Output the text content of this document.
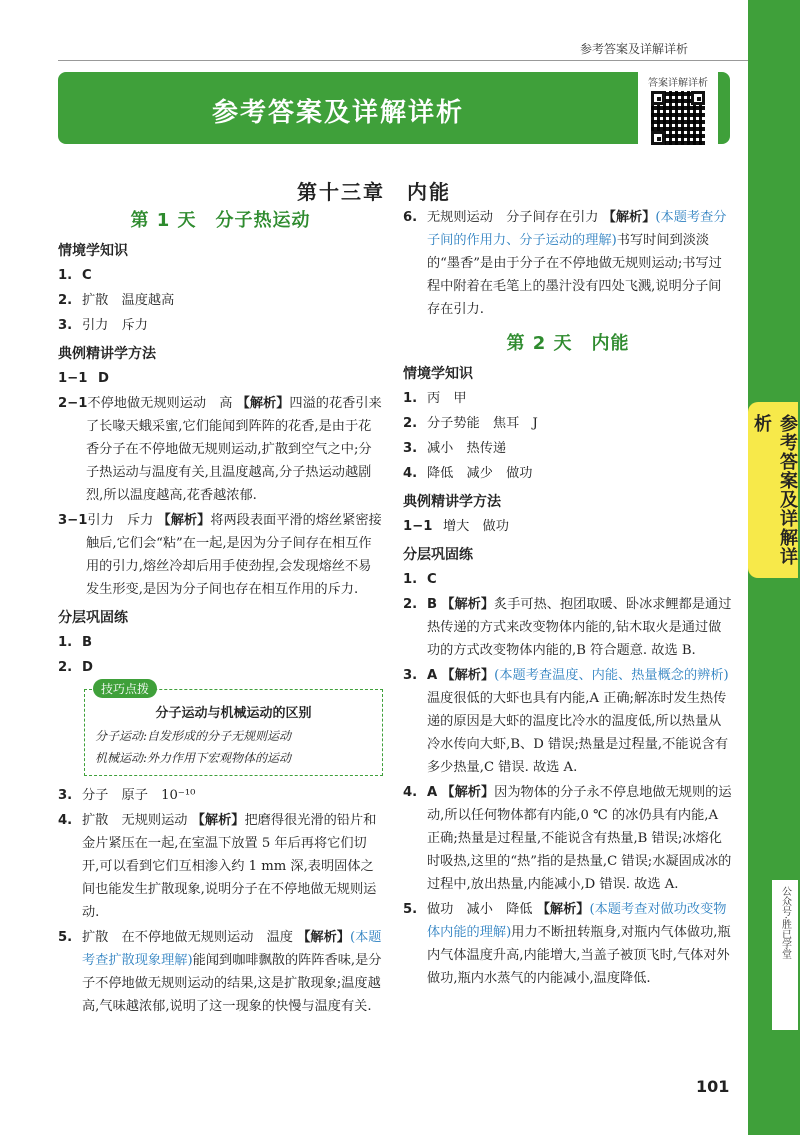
参考答案及详解详析
参考答案及详解详析
答案详解详析
第十三章　内能
第 1 天　分子热运动
情境学知识
1. C
2. 扩散　温度越高
3. 引力　斥力
典例精讲学方法
1−1 D
2−1不停地做无规则运动　高 【解析】四溢的花香引来了长喙天蛾采蜜,它们能闻到阵阵的花香,是由于花香分子在不停地做无规则运动,扩散到空气之中;分子热运动与温度有关,且温度越高,分子热运动越剧烈,所以温度越高,花香越浓郁.
3−1引力　斥力 【解析】将两段表面平滑的熔丝紧密接触后,它们会“粘”在一起,是因为分子间存在相互作用的引力,熔丝冷却后用手使劲捏,会发现熔丝不易发生形变,是因为分子间也存在相互作用的斥力.
分层巩固练
1. B
2. D
技巧点拨
分子运动与机械运动的区别
分子运动:自发形成的分子无规则运动
机械运动:外力作用下宏观物体的运动
3. 分子　原子　10⁻¹⁰
4. 扩散　无规则运动 【解析】把磨得很光滑的铅片和金片紧压在一起,在室温下放置 5 年后再将它们切开,可以看到它们互相渗入约 1 mm 深,表明固体之间也能发生扩散现象,说明分子在不停地做无规则运动.
5. 扩散　在不停地做无规则运动　温度 【解析】(本题考查扩散现象理解)能闻到咖啡飘散的阵阵香味,是分子不停地做无规则运动的结果,这是扩散现象;温度越高,气味越浓郁,说明了这一现象的快慢与温度有关.
6. 无规则运动　分子间存在引力 【解析】(本题考查分子间的作用力、分子运动的理解)书写时间到淡淡的“墨香”是由于分子在不停地做无规则运动;书写过程中附着在毛笔上的墨汁没有四处飞溅,说明分子间存在引力.
第 2 天　内能
情境学知识
1. 丙　甲
2. 分子势能　焦耳　J
3. 减小　热传递
4. 降低　减少　做功
典例精讲学方法
1−1 增大　做功
分层巩固练
1. C
2. B 【解析】炙手可热、抱团取暖、卧冰求鲤都是通过热传递的方式来改变物体内能的,钻木取火是通过做功的方式改变物体内能的,B 符合题意. 故选 B.
3. A 【解析】(本题考查温度、内能、热量概念的辨析)温度很低的大虾也具有内能,A 正确;解冻时发生热传递的原因是大虾的温度比冷水的温度低,所以热量从冷水传向大虾,B、D 错误;热量是过程量,不能说含有多少热量,C 错误. 故选 A.
4. A 【解析】因为物体的分子永不停息地做无规则的运动,所以任何物体都有内能,0 ℃ 的冰仍具有内能,A 正确;热量是过程量,不能说含有热量,B 错误;冰熔化时吸热,这里的“热”指的是热量,C 错误;水凝固成冰的过程中,放出热量,内能减小,D 错误. 故选 A.
5. 做功　减小　降低 【解析】(本题考查对做功改变物体内能的理解)用力不断扭转瓶身,对瓶内气体做功,瓶内气体温度升高,内能增大,当盖子被顶飞时,气体对外做功,瓶内水蒸气的内能减小,温度降低.
101
参考答案及详解详析
公众号·胜已学堂
